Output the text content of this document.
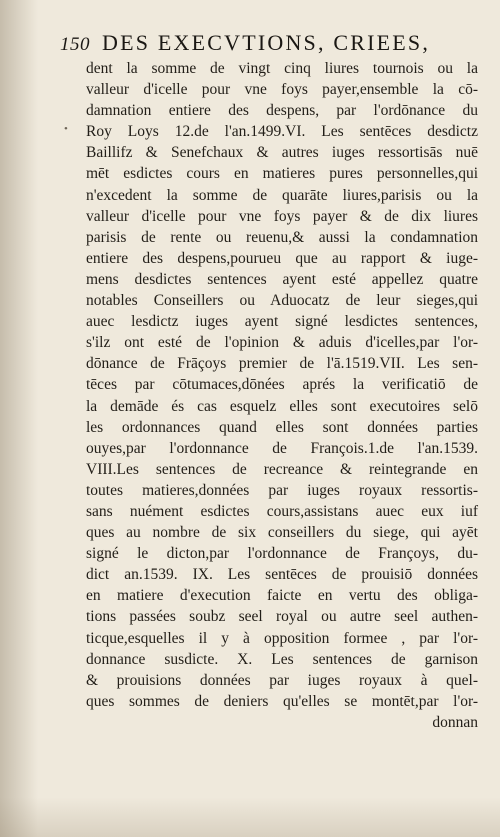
•
150 DES EXECVTIONS, CRIEES,
dent la somme de vingt cinq liures tournois ou la
valleur d'icelle pour vne foys payer,ensemble la cō-
damnation entiere des despens, par l'ordōnance du
Roy Loys 12.de l'an.1499.VI. Les sentēces desdictz
Baillifz & Senefchaux & autres iuges ressortisās nuē
mēt esdictes cours en matieres pures personnelles,qui
n'excedent la somme de quarāte liures,parisis ou la
valleur d'icelle pour vne foys payer & de dix liures
parisis de rente ou reuenu,& aussi la condamnation
entiere des despens,pourueu que au rapport & iuge-
mens desdictes sentences ayent esté appellez quatre
notables Conseillers ou Aduocatz de leur sieges,qui
auec lesdictz iuges ayent signé lesdictes sentences,
s'ilz ont esté de l'opinion & aduis d'icelles,par l'or-
dōnance de Frāçoys premier de l'ā.1519.VII. Les sen-
tēces par cōtumaces,dōnées aprés la verificatiō de
la demāde és cas esquelz elles sont executoires selō
les ordonnances quand elles sont données parties
ouyes,par l'ordonnance de François.1.de l'an.1539.
VIII.Les sentences de recreance & reintegrande en
toutes matieres,données par iuges royaux ressortis-
sans nuément esdictes cours,assistans auec eux iuf
ques au nombre de six conseillers du siege, qui ayēt
signé le dicton,par l'ordonnance de Françoys, du-
dict an.1539. IX. Les sentēces de prouisiō données
en matiere d'execution faicte en vertu des obliga-
tions passées soubz seel royal ou autre seel authen-
ticque,esquelles il y à opposition formee , par l'or-
donnance susdicte. X. Les sentences de garnison
& prouisions données par iuges royaux à quel-
ques sommes de deniers qu'elles se montēt,par l'or-
donnan
